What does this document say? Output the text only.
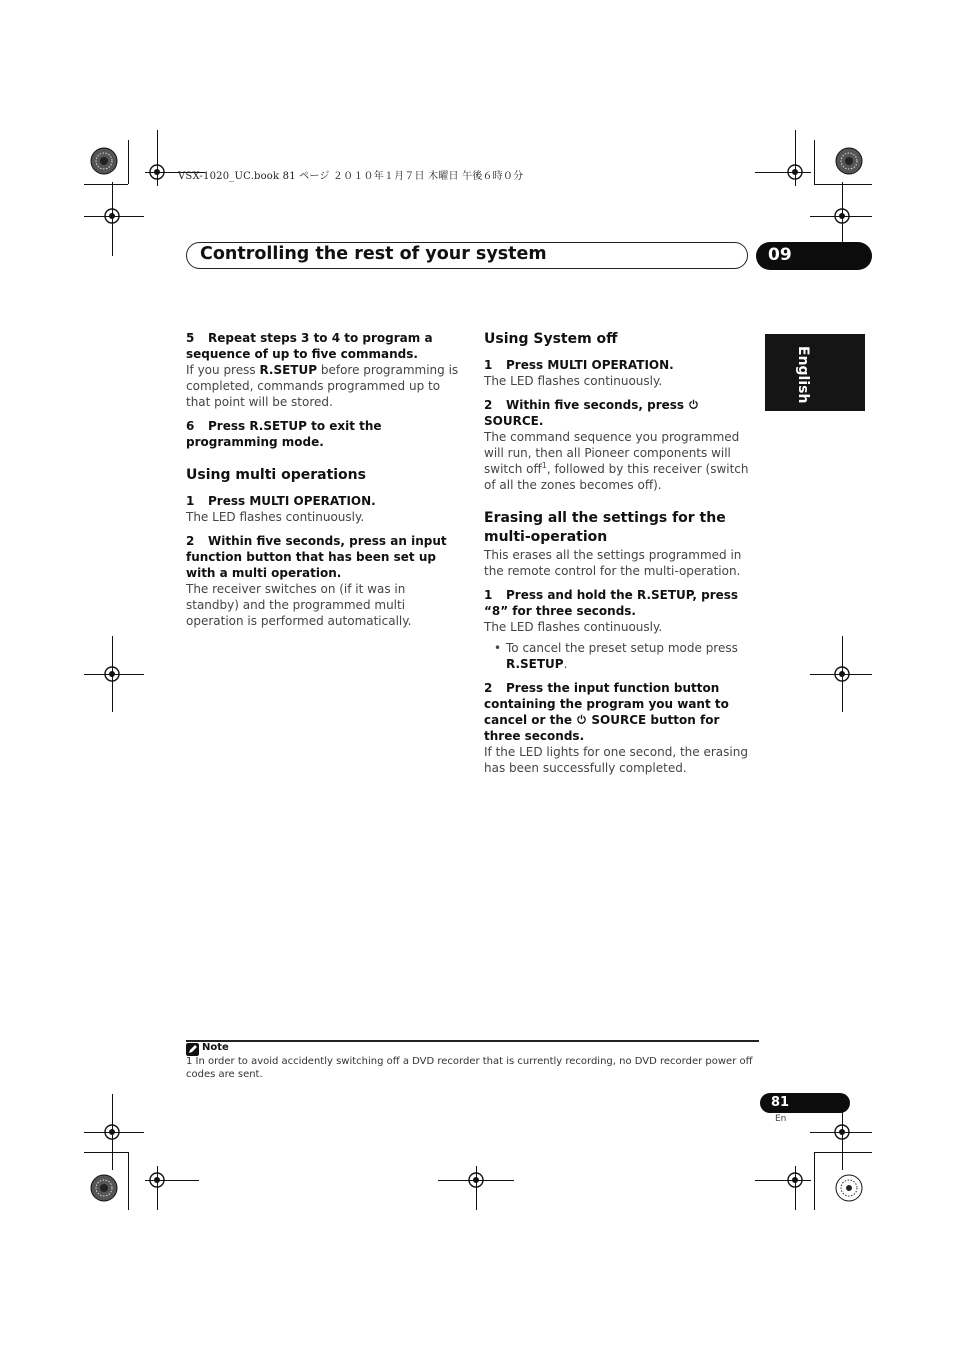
VSX-1020_UC.book 81 ページ ２０１０年１月７日 木曜日 午後６時０分
Controlling the rest of your system	09
English

5 Repeat steps 3 to 4 to program a sequence of up to five commands.

If you press R.SETUP before programming is completed, commands programmed up to that point will be stored.

6 Press R.SETUP to exit the programming mode.

Using multi operations

1 Press MULTI OPERATION.

The LED flashes continuously.

2 Within five seconds, press an input function button that has been set up with a multi operation.

The receiver switches on (if it was in standby) and the programmed multi operation is performed automatically.

Using System off

1 Press MULTI OPERATION.

The LED flashes continuously.

2 Within five seconds, press  SOURCE.

The command sequence you programmed will run, then all Pioneer components will switch off$^1$, followed by this receiver (switch of all the zones becomes off).

Erasing all the settings for the multi-operation

This erases all the settings programmed in the remote control for the multi-operation.

1 Press and hold the R.SETUP, press “8” for three seconds.

The LED flashes continuously.

• To cancel the preset setup mode press R.SETUP.

2 Press the input function button containing the program you want to cancel or the  SOURCE button for three seconds.

If the LED lights for one second, the erasing has been successfully completed.

Note
1 In order to avoid accidently switching off a DVD recorder that is currently recording, no DVD recorder power off codes are sent.
81
En
